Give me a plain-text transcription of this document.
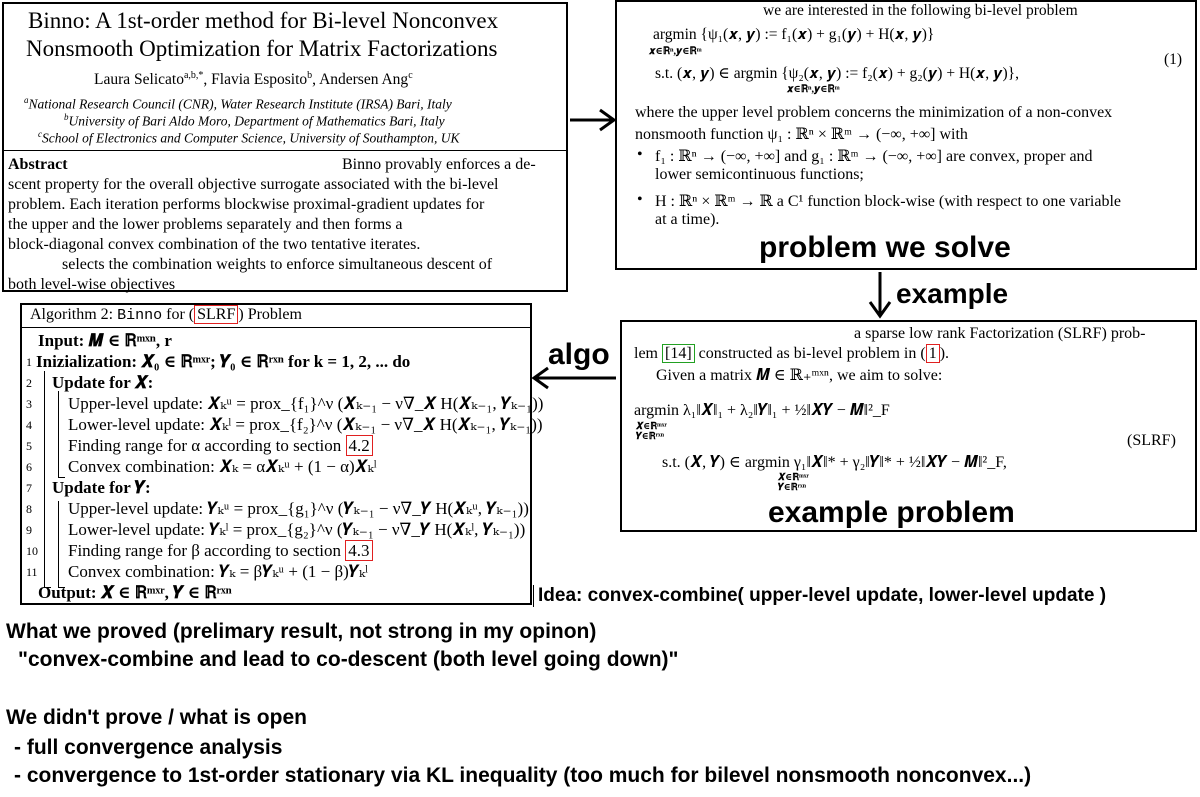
Binno: A 1st-order method for Bi-level Nonconvex
Nonsmooth Optimization for Matrix Factorizations
Laura Selicato$^{a,b,*}$, Flavia Esposito$^b$, Andersen Ang$^c$
$^a$National Research Council (CNR), Water Research Institute (IRSA) Bari, Italy
$^b$University of Bari Aldo Moro, Department of Mathematics Bari, Italy
$^c$School of Electronics and Computer Science, University of Southampton, UK
Abstract	Binno provably enforces a de-
scent property for the overall objective surrogate associated with the bi-level
problem. Each iteration performs blockwise proximal-gradient updates for
the upper and the lower problems separately and then forms a
block-diagonal convex combination of the two tentative iterates.
selects the combination weights to enforce simultaneous descent of
both level-wise objectives
we are interested in the following bi-level problem
argmin {ψ₁(𝒙, 𝒚) := f₁(𝒙) + g₁(𝒚) + H(𝒙, 𝒚)}
𝒙∈ℝⁿ,𝒚∈ℝᵐ	(1)
s.t. (𝒙, 𝒚) ∈ argmin {ψ₂(𝒙, 𝒚) := f₂(𝒙) + g₂(𝒚) + H(𝒙, 𝒚)},
𝒙∈ℝⁿ,𝒚∈ℝᵐ
where the upper level problem concerns the minimization of a non-convex
nonsmooth function ψ₁ : ℝⁿ × ℝᵐ → (−∞, +∞] with
• f₁ : ℝⁿ → (−∞, +∞] and g₁ : ℝᵐ → (−∞, +∞] are convex, proper and
lower semicontinuous functions;
• H : ℝⁿ × ℝᵐ → ℝ a C¹ function block-wise (with respect to one variable
at a time).
problem we solve
example
a sparse low rank Factorization (SLRF) prob-
lem [14] constructed as bi-level problem in ( 1 ).
Given a matrix 𝑴 ∈ ℝ₊ᵐˣⁿ, we aim to solve:
argmin λ₁‖𝑿‖₁ + λ₂‖𝒀‖₁ + ½‖𝑿𝒀 − 𝑴‖²_F
𝑿∈ℝᵐˣʳ
𝒀∈ℝʳˣⁿ	(SLRF)
s.t. (𝑿, 𝒀) ∈ argmin γ₁‖𝑿‖* + γ₂‖𝒀‖* + ½‖𝑿𝒀 − 𝑴‖²_F,
𝑿∈ℝᵐˣʳ
𝒀∈ℝʳˣⁿ
example problem
algo
Algorithm 2: Binno for ( SLRF ) Problem
Input: 𝑴 ∈ ℝᵐˣⁿ, r
1 Inizialization: 𝑿₀ ∈ ℝᵐˣʳ; 𝒀₀ ∈ ℝʳˣⁿ for k = 1, 2, ... do
2 Update for 𝑿:
3 Upper-level update: 𝑿ₖᵘ = prox_{f₁}^ν (𝑿ₖ₋₁ − ν∇_𝑿 H(𝑿ₖ₋₁, 𝒀ₖ₋₁))
4 Lower-level update: 𝑿ₖˡ = prox_{f₂}^ν (𝑿ₖ₋₁ − ν∇_𝑿 H(𝑿ₖ₋₁, 𝒀ₖ₋₁))
5 Finding range for α according to section 4.2
6 Convex combination: 𝑿ₖ = α𝑿ₖᵘ + (1 − α)𝑿ₖˡ
7 Update for 𝒀:
8 Upper-level update: 𝒀ₖᵘ = prox_{g₁}^ν (𝒀ₖ₋₁ − ν∇_𝒀 H(𝑿ₖᵘ, 𝒀ₖ₋₁))
9 Lower-level update: 𝒀ₖˡ = prox_{g₂}^ν (𝒀ₖ₋₁ − ν∇_𝒀 H(𝑿ₖˡ, 𝒀ₖ₋₁))
10 Finding range for β according to section 4.3
11 Convex combination: 𝒀ₖ = β𝒀ₖᵘ + (1 − β)𝒀ₖˡ
Output: 𝑿 ∈ ℝᵐˣʳ, 𝒀 ∈ ℝʳˣⁿ	Idea: convex-combine( upper-level update, lower-level update )
What we proved (prelimary result, not strong in my opinon)
"convex-combine and lead to co-descent (both level going down)"
We didn't prove / what is open
- full convergence analysis
- convergence to 1st-order stationary via KL inequality (too much for bilevel nonsmooth nonconvex...)
